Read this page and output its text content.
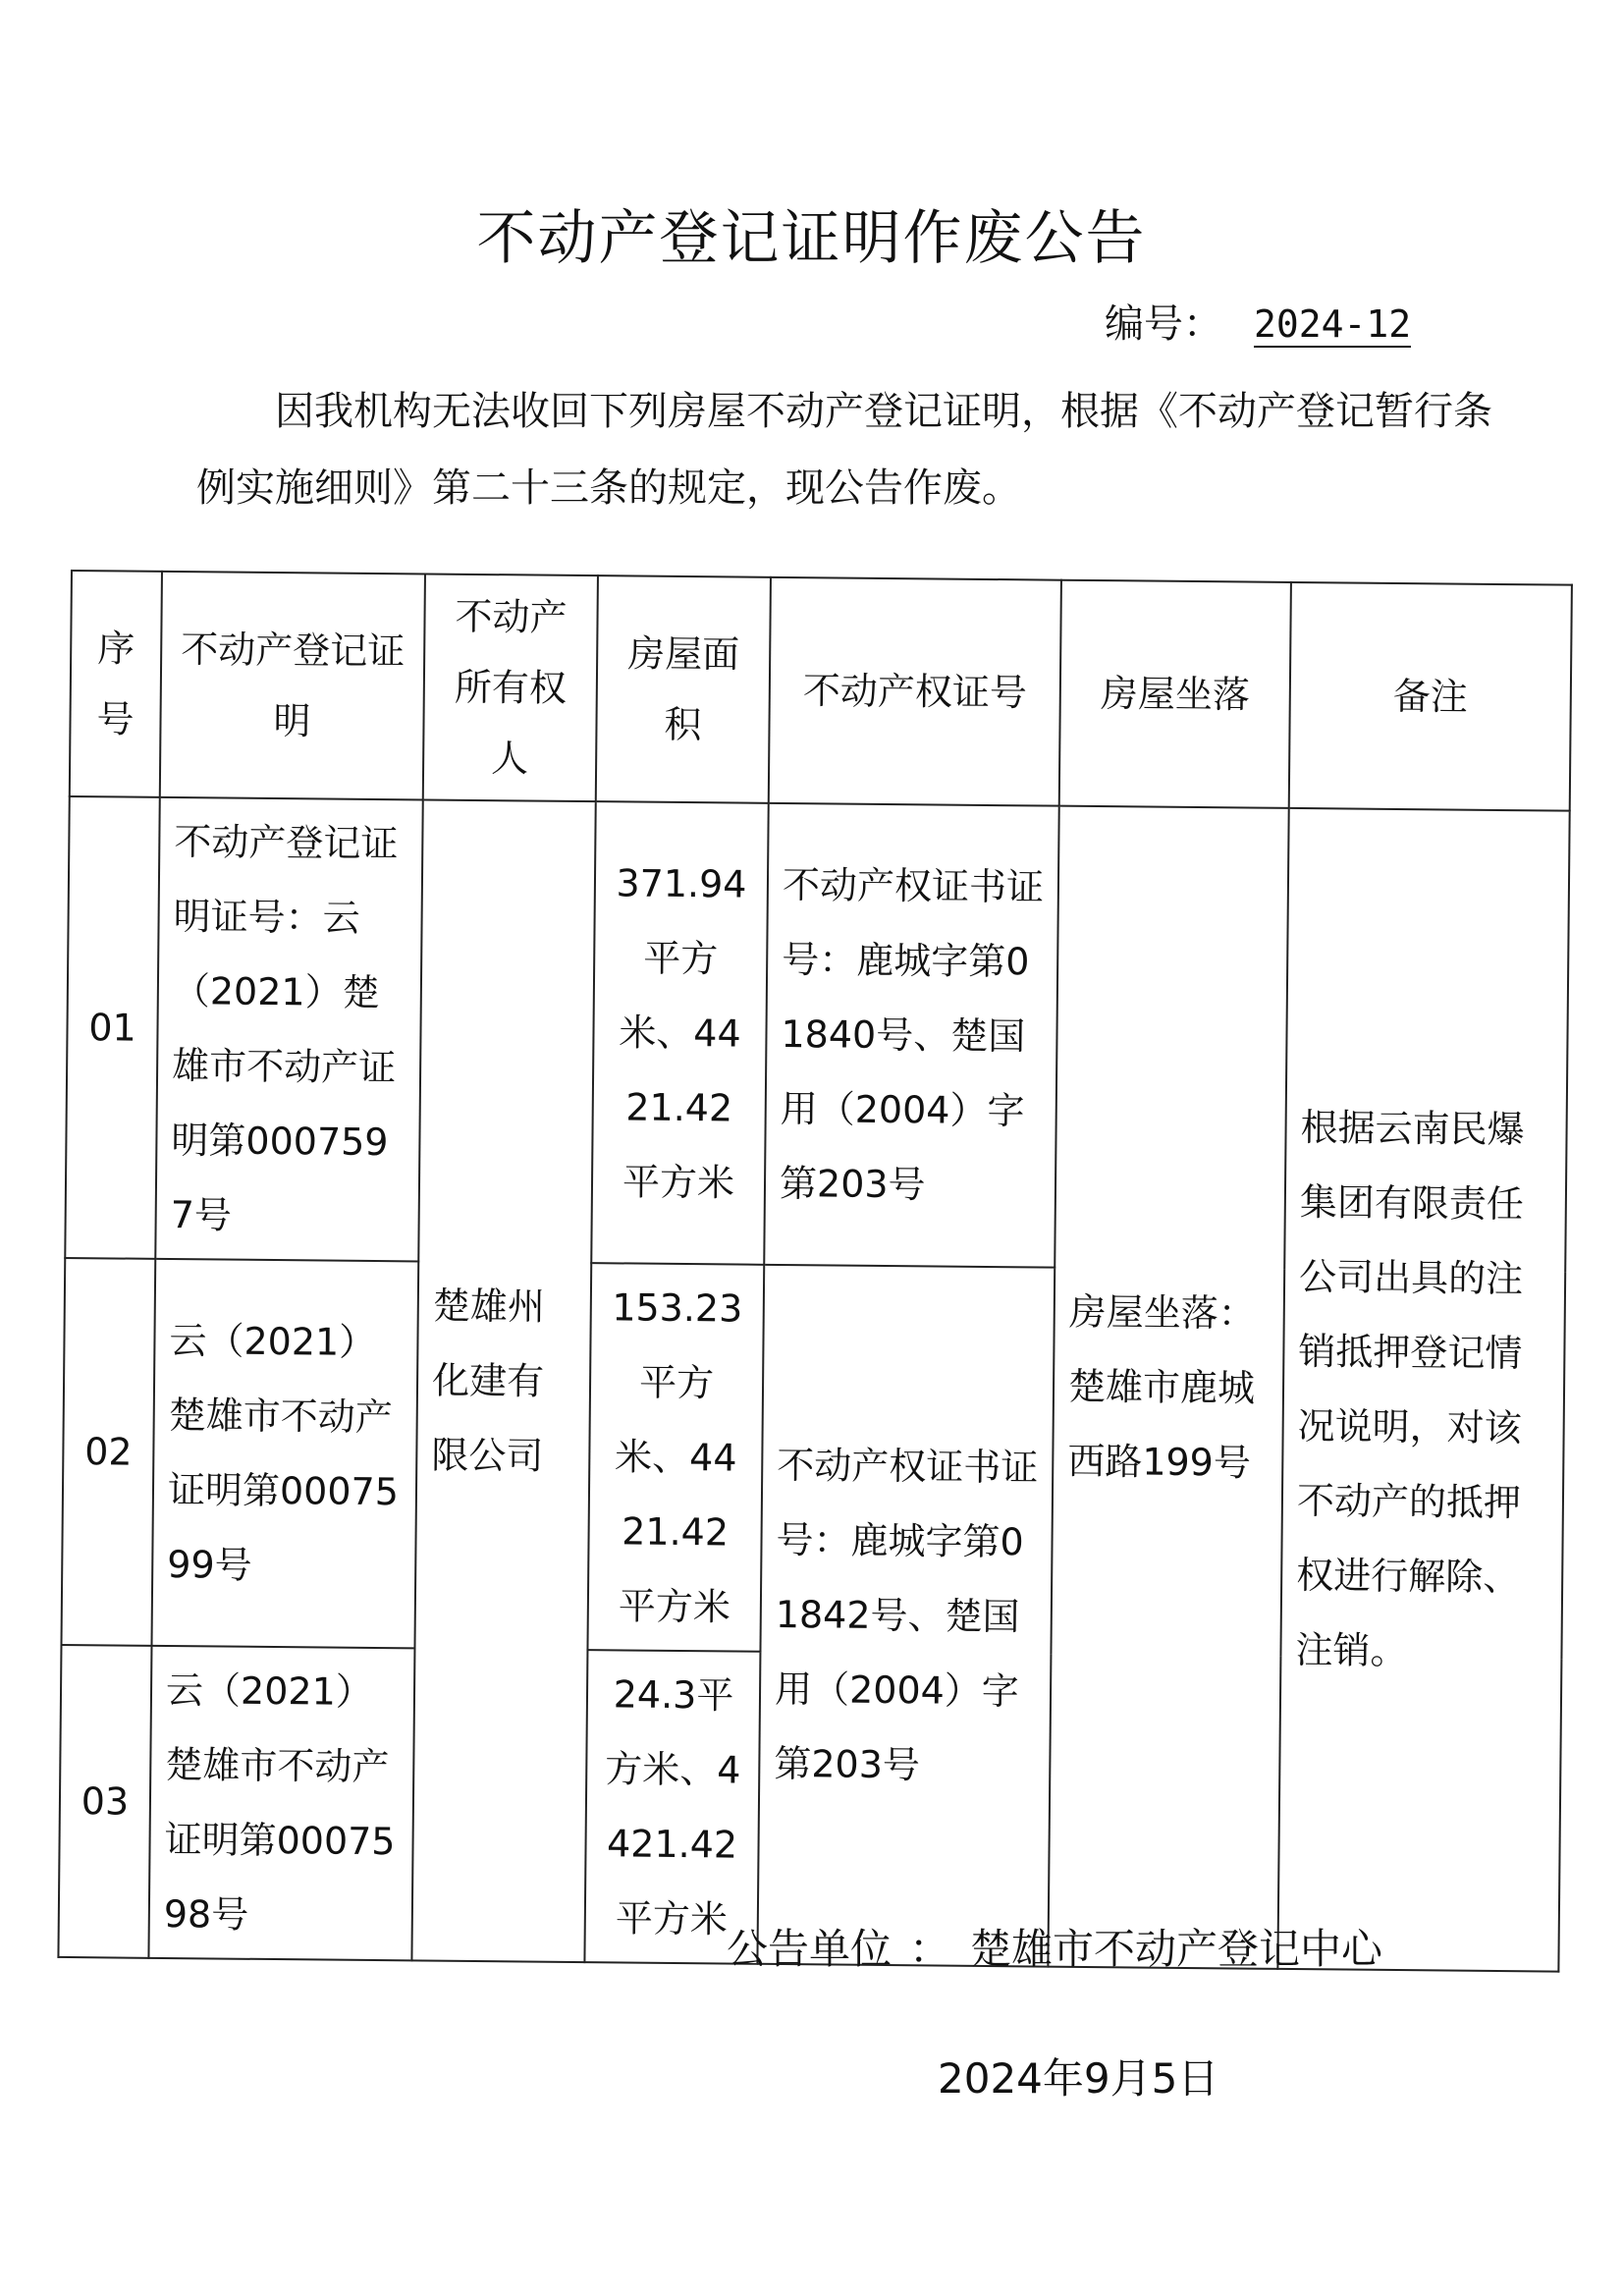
不动产登记证明作废公告
编号： 2024-12
因我机构无法收回下列房屋不动产登记证明，根据《不动产登记暂行条例实施细则》第二十三条的规定，现公告作废。
序号	不动产登记证明	不动产所有权人	房屋面积	不动产权证号	房屋坐落	备注
01	不动产登记证明证号：云（2021）楚雄市不动产证明第0007597号	楚雄州化建有限公司	371.94平方米、4421.42平方米	不动产权证书证号：鹿城字第01840号、楚国用（2004）字第203号	房屋坐落：楚雄市鹿城西路199号	根据云南民爆集团有限责任公司出具的注销抵押登记情况说明，对该不动产的抵押权进行解除、注销。
02	云（2021）楚雄市不动产证明第0007599号		153.23平方米、4421.42平方米	不动产权证书证号：鹿城字第01842号、楚国用（2004）字第203号		
03	云（2021）楚雄市不动产证明第0007598号		24.3平方米、4421.42平方米			
公告单位 ： 楚雄市不动产登记中心
2024年9月5日
